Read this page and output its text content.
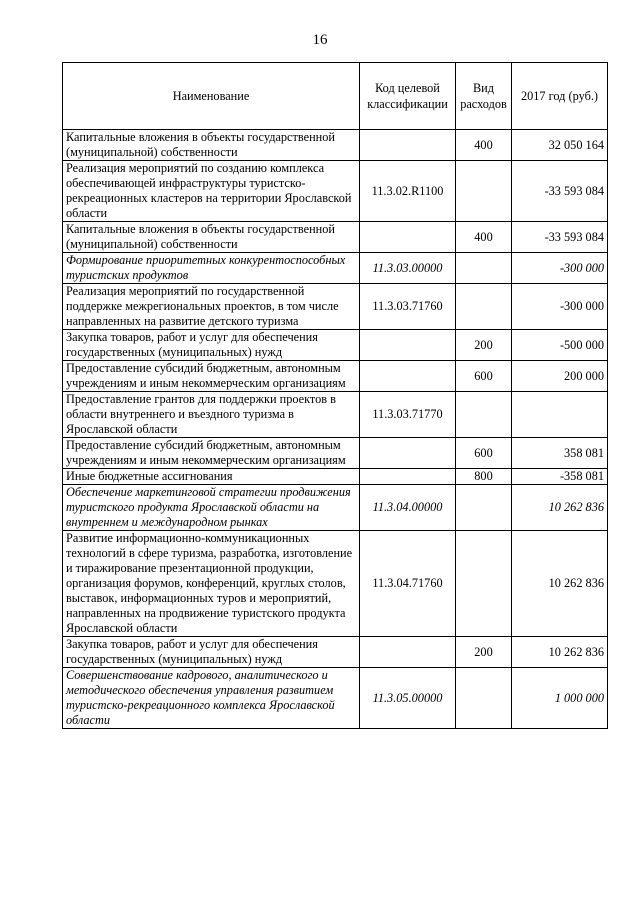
16
Наименование	Код целевой классификации	Вид расходов	2017 год (руб.)
Капитальные вложения в объекты государственной (муниципальной) собственности		400	32 050 164
Реализация мероприятий по созданию комплекса обеспечивающей инфраструктуры туристско-рекреационных кластеров на территории Ярославской области	11.3.02.R1100		-33 593 084
Капитальные вложения в объекты государственной (муниципальной) собственности		400	-33 593 084
Формирование приоритетных конкурентоспособных туристских продуктов	11.3.03.00000		-300 000
Реализация мероприятий по государственной поддержке межрегиональных проектов, в том числе направленных на развитие детского туризма	11.3.03.71760		-300 000
Закупка товаров, работ и услуг для обеспечения государственных (муниципальных) нужд		200	-500 000
Предоставление субсидий бюджетным, автономным учреждениям и иным некоммерческим организациям		600	200 000
Предоставление грантов для поддержки проектов в области внутреннего и въездного туризма в Ярославской области	11.3.03.71770		
Предоставление субсидий бюджетным, автономным учреждениям и иным некоммерческим организациям		600	358 081
Иные бюджетные ассигнования		800	-358 081
Обеспечение маркетинговой стратегии продвижения туристского продукта Ярославской области на внутреннем и международном рынках	11.3.04.00000		10 262 836
Развитие информационно-коммуникационных технологий в сфере туризма, разработка, изготовление и тиражирование презентационной продукции, организация форумов, конференций, круглых столов, выставок, информационных туров и мероприятий, направленных на продвижение туристского продукта Ярославской области	11.3.04.71760		10 262 836
Закупка товаров, работ и услуг для обеспечения государственных (муниципальных) нужд		200	10 262 836
Совершенствование кадрового, аналитического и методического обеспечения управления развитием туристско-рекреационного комплекса Ярославской области	11.3.05.00000		1 000 000
